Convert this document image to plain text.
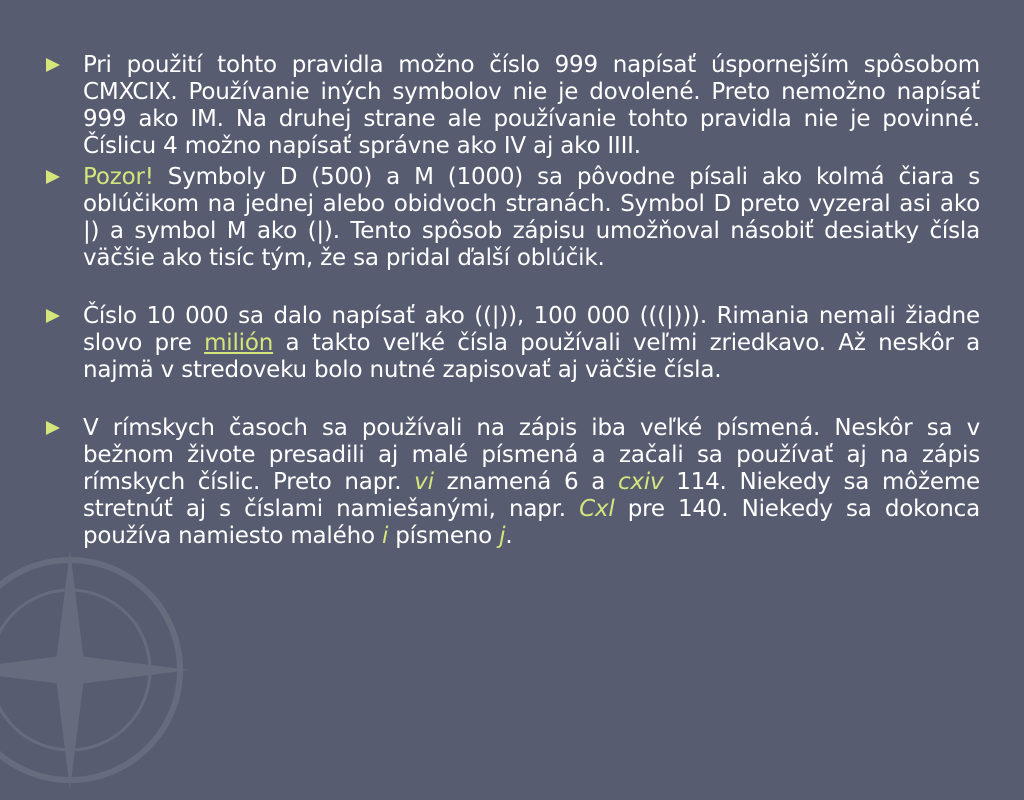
Pri použití tohto pravidla možno číslo 999 napísať úspornejším spôsobom CMXCIX. Používanie iných symbolov nie je dovolené. Preto nemožno napísať 999 ako IM. Na druhej strane ale používanie tohto pravidla nie je povinné. Číslicu 4 možno napísať správne ako IV aj ako IIII.

Pozor! Symboly D (500) a M (1000) sa pôvodne písali ako kolmá čiara s oblúčikom na jednej alebo obidvoch stranách. Symbol D preto vyzeral asi ako |) a symbol M ako (|). Tento spôsob zápisu umožňoval násobiť desiatky čísla väčšie ako tisíc tým, že sa pridal ďalší oblúčik.

Číslo 10 000 sa dalo napísať ako ((|)), 100 000 (((|))). Rimania nemali žiadne slovo pre milión a takto veľké čísla používali veľmi zriedkavo. Až neskôr a najmä v stredoveku bolo nutné zapisovať aj väčšie čísla.

V rímskych časoch sa používali na zápis iba veľké písmená. Neskôr sa v bežnom živote presadili aj malé písmená a začali sa používať aj na zápis rímskych číslic. Preto napr. vi znamená 6 a cxiv 114. Niekedy sa môžeme stretnúť aj s číslami namiešanými, napr. Cxl pre 140. Niekedy sa dokonca používa namiesto malého i písmeno j.
